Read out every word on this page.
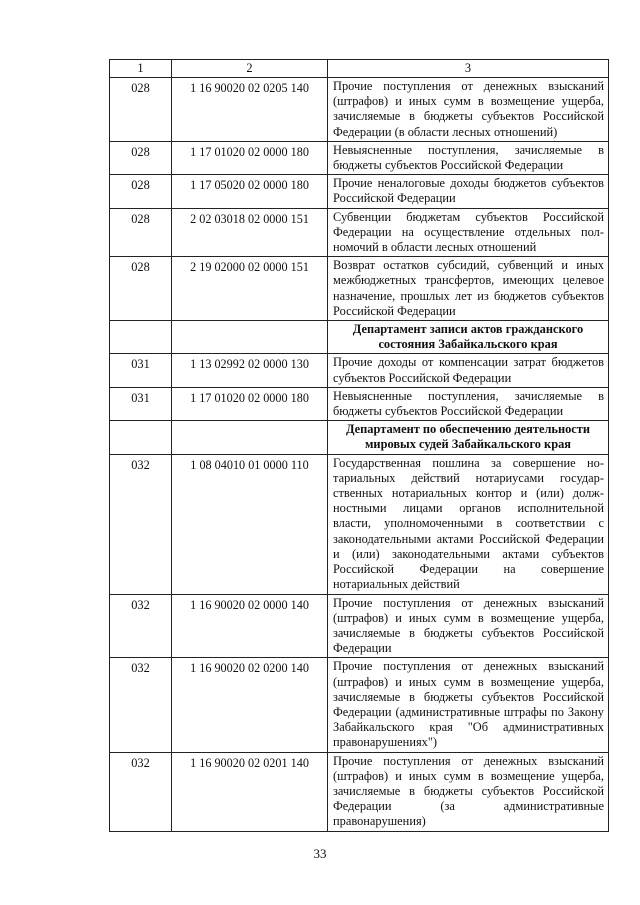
1	2	3
028	1 16 90020 02 0205 140	Прочие поступления от денежных взысканий (штрафов) и иных сумм в возмещение ущерба, зачисляемые в бюджеты субъектов Российской Федерации (в области лесных отношений)
028	1 17 01020 02 0000 180	Невыясненные поступления, зачисляемые в бюджеты субъектов Российской Федерации
028	1 17 05020 02 0000 180	Прочие неналоговые доходы бюджетов субъектов Российской Федерации
028	2 02 03018 02 0000 151	Субвенции бюджетам субъектов Российской Федерации на осуществление отдельных полномочий в области лесных отношений
028	2 19 02000 02 0000 151	Возврат остатков субсидий, субвенций и иных межбюджетных трансфертов, имеющих целевое назначение, прошлых лет из бюджетов субъектов Российской Федерации
		Департамент записи актов гражданского состояния Забайкальского края
031	1 13 02992 02 0000 130	Прочие доходы от компенсации затрат бюджетов субъектов Российской Федерации
031	1 17 01020 02 0000 180	Невыясненные поступления, зачисляемые в бюджеты субъектов Российской Федерации
		Департамент по обеспечению деятельности мировых судей Забайкальского края
032	1 08 04010 01 0000 110	Государственная пошлина за совершение нотариальных действий нотариусами государственных нотариальных контор и (или) должностными лицами органов исполнительной власти, уполномоченными в соответствии с законодательными актами Российской Федерации и (или) законодательными актами субъектов Российской Федерации на совершение нотариальных действий
032	1 16 90020 02 0000 140	Прочие поступления от денежных взысканий (штрафов) и иных сумм в возмещение ущерба, зачисляемые в бюджеты субъектов Российской Федерации
032	1 16 90020 02 0200 140	Прочие поступления от денежных взысканий (штрафов) и иных сумм в возмещение ущерба, зачисляемые в бюджеты субъектов Российской Федерации (административные штрафы по Закону Забайкальского края "Об административных правонарушениях")
032	1 16 90020 02 0201 140	Прочие поступления от денежных взысканий (штрафов) и иных сумм в возмещение ущерба, зачисляемые в бюджеты субъектов Российской Федерации (за административные правонарушения)
33
